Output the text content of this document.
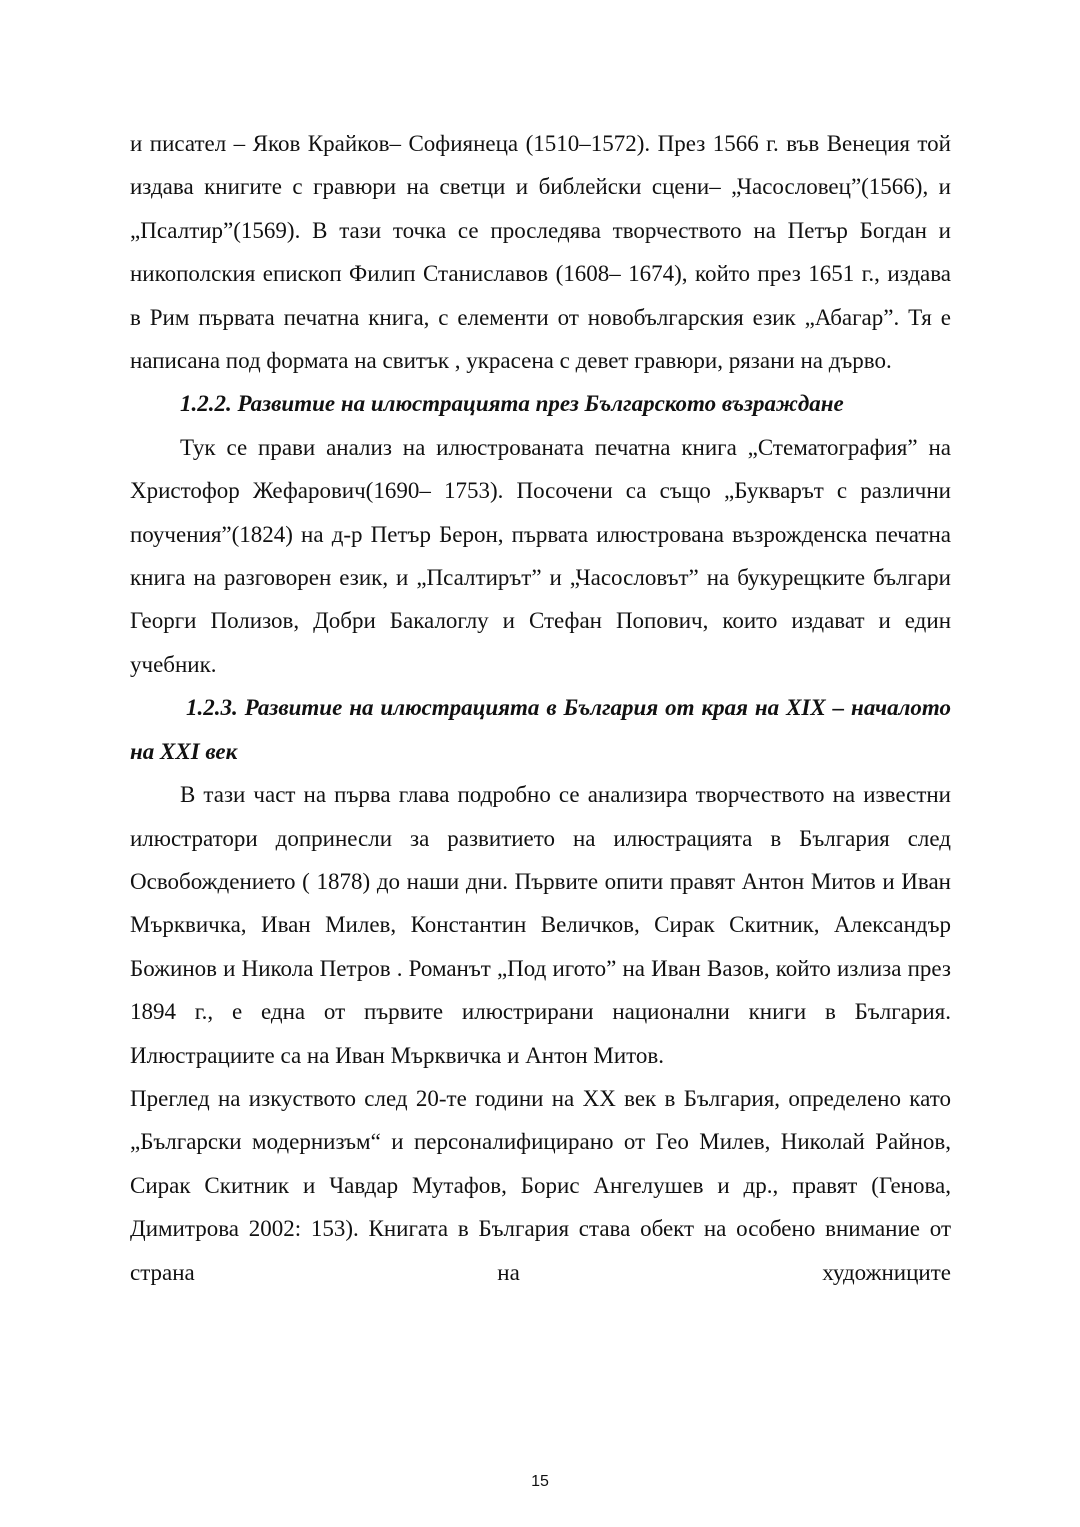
и писател – Яков Крайков– Софиянеца (1510–1572). През 1566 г. във Венеция той издава книгите с гравюри на светци и библейски сцени– „Часословец”(1566), и „Псалтир”(1569). В тази точка се проследява творчеството на Петър Богдан и никополския епископ Филип Станиславов (1608– 1674), който през 1651 г., издава в Рим първата печатна книга, с елементи от новобългарския език „Абагар”. Тя е написана под формата на свитък , украсена с девет гравюри, рязани на дърво.

1.2.2. Развитие на илюстрацията през Българското възраждане

Тук се прави анализ на илюстрованата печатна книга „Стематография” на Христофор Жефарович(1690– 1753). Посочени са също „Букварът с различни поучения”(1824) на д-р Петър Берон, първата илюстрована възрожденска печатна книга на разговорен език, и „Псалтирът” и „Часословът” на букурещките българи Георги Полизов, Добри Бакалоглу и Стефан Попович, които издават и един учебник.

1.2.3. Развитие на илюстрацията в България от края на XIX – началото на XXI век

В тази част на първа глава подробно се анализира творчеството на известни илюстратори допринесли за развитието на илюстрацията в България след Освобождението ( 1878) до наши дни. Първите опити правят Антон Митов и Иван Мърквичка, Иван Милев, Константин Величков, Сирак Скитник, Александър Божинов и Никола Петров . Романът „Под игото” на Иван Вазов, който излиза през 1894 г., е една от първите илюстрирани национални книги в България. Илюстрациите са на Иван Мърквичка и Антон Митов.

Преглед на изкуството след 20-те години на XX век в България, определено като „Български модернизъм“ и персоналифицирано от Гео Милев, Николай Райнов, Сирак Скитник и Чавдар Мутафов, Борис Ангелушев и др., правят (Генова, Димитрова 2002: 153). Книгата в България става обект на особено внимание от страна на художниците

15
